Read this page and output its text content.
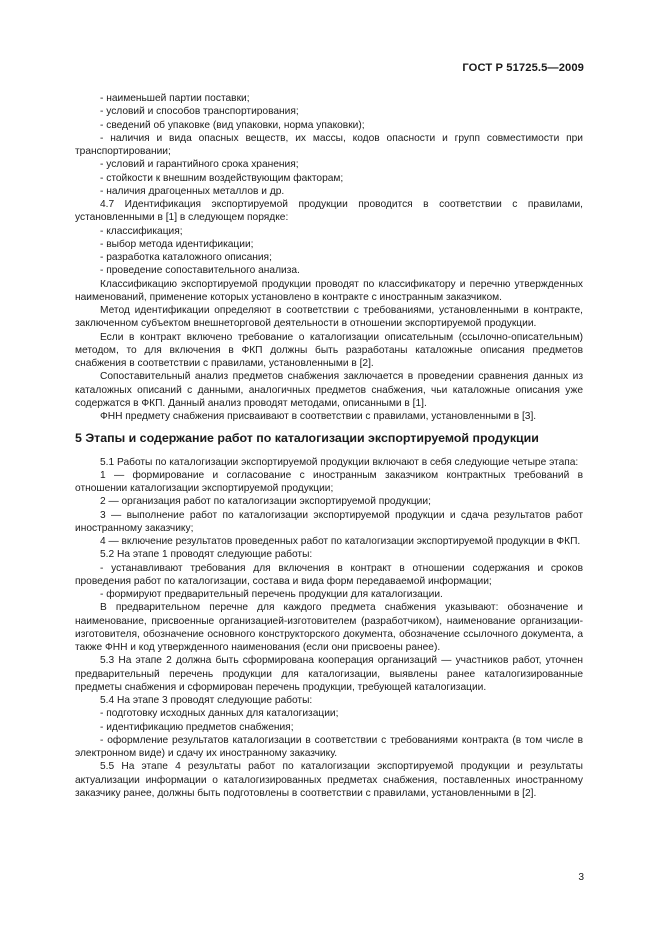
ГОСТ Р 51725.5—2009

- наименьшей партии поставки;

- условий и способов транспортирования;

- сведений об упаковке (вид упаковки, норма упаковки);

- наличия и вида опасных веществ, их массы, кодов опасности и групп совместимости при транспортировании;

- условий и гарантийного срока хранения;

- стойкости к внешним воздействующим факторам;

- наличия драгоценных металлов и др.

4.7 Идентификация экспортируемой продукции проводится в соответствии с правилами, установленными в [1] в следующем порядке:

- классификация;

- выбор метода идентификации;

- разработка каталожного описания;

- проведение сопоставительного анализа.

Классификацию экспортируемой продукции проводят по классификатору и перечню утвержденных наименований, применение которых установлено в контракте с иностранным заказчиком.

Метод идентификации определяют в соответствии с требованиями, установленными в контракте, заключенном субъектом внешнеторговой деятельности в отношении экспортируемой продукции.

Если в контракт включено требование о каталогизации описательным (ссылочно-описательным) методом, то для включения в ФКП должны быть разработаны каталожные описания предметов снабжения в соответствии с правилами, установленными в [2].

Сопоставительный анализ предметов снабжения заключается в проведении сравнения данных из каталожных описаний с данными, аналогичных предметов снабжения, чьи каталожные описания уже содержатся в ФКП. Данный анализ проводят методами, описанными в [1].

ФНН предмету снабжения присваивают в соответствии с правилами, установленными в [3].

5 Этапы и содержание работ по каталогизации экспортируемой продукции

5.1 Работы по каталогизации экспортируемой продукции включают в себя следующие четыре этапа:

1 — формирование и согласование с иностранным заказчиком контрактных требований в отношении каталогизации экспортируемой продукции;

2 — организация работ по каталогизации экспортируемой продукции;

3 — выполнение работ по каталогизации экспортируемой продукции и сдача результатов работ иностранному заказчику;

4 — включение результатов проведенных работ по каталогизации экспортируемой продукции в ФКП.

5.2 На этапе 1 проводят следующие работы:

- устанавливают требования для включения в контракт в отношении содержания и сроков проведения работ по каталогизации, состава и вида форм передаваемой информации;

- формируют предварительный перечень продукции для каталогизации.

В предварительном перечне для каждого предмета снабжения указывают: обозначение и наименование, присвоенные организацией-изготовителем (разработчиком), наименование организации-изготовителя, обозначение основного конструкторского документа, обозначение ссылочного документа, а также ФНН и код утвержденного наименования (если они присвоены ранее).

5.3 На этапе 2 должна быть сформирована кооперация организаций — участников работ, уточнен предварительный перечень продукции для каталогизации, выявлены ранее каталогизированные предметы снабжения и сформирован перечень продукции, требующей каталогизации.

5.4 На этапе 3 проводят следующие работы:

- подготовку исходных данных для каталогизации;

- идентификацию предметов снабжения;

- оформление результатов каталогизации в соответствии с требованиями контракта (в том числе в электронном виде) и сдачу их иностранному заказчику.

5.5 На этапе 4 результаты работ по каталогизации экспортируемой продукции и результаты актуализации информации о каталогизированных предметах снабжения, поставленных иностранному заказчику ранее, должны быть подготовлены в соответствии с правилами, установленными в [2].

3
